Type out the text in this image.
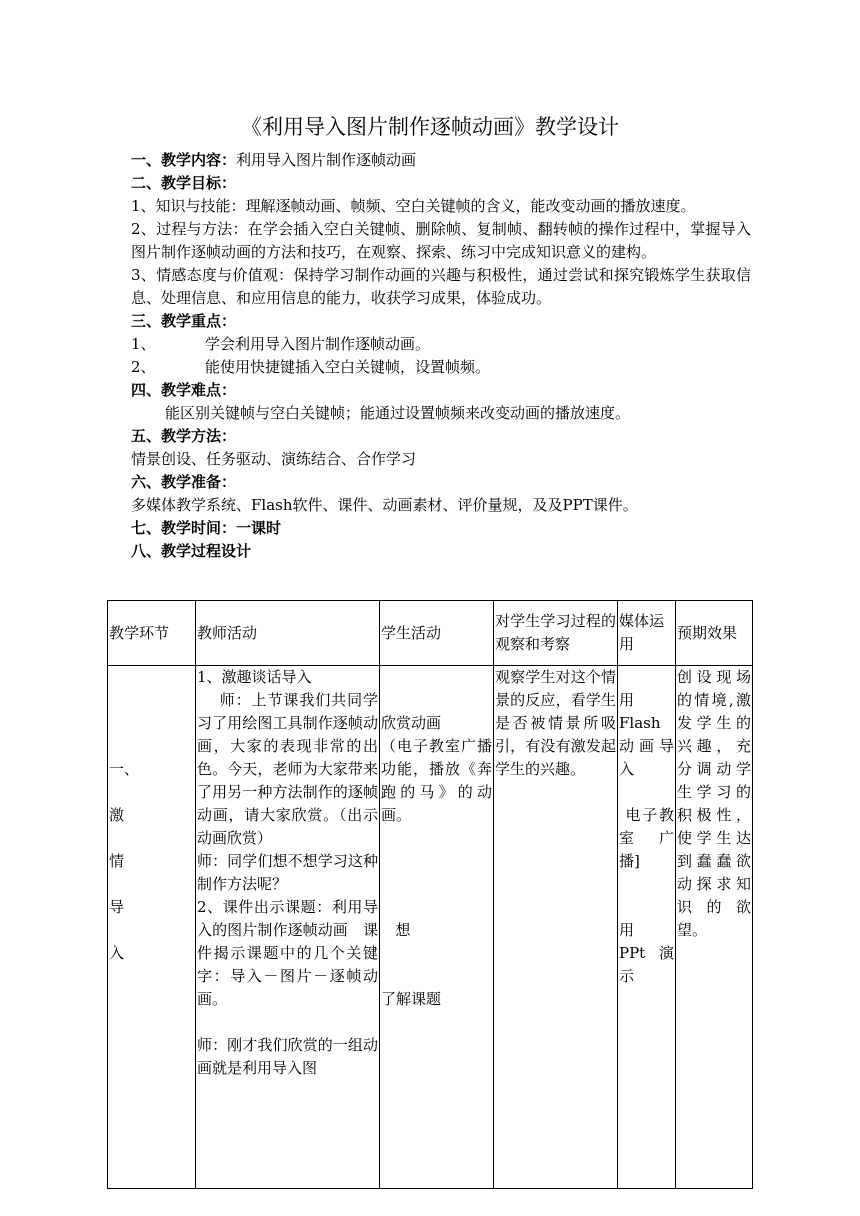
《利用导入图片制作逐帧动画》教学设计

一、教学内容：利用导入图片制作逐帧动画

二、教学目标：

1、知识与技能：理解逐帧动画、帧频、空白关键帧的含义，能改变动画的播放速度。

2、过程与方法：在学会插入空白关键帧、删除帧、复制帧、翻转帧的操作过程中，掌握导入图片制作逐帧动画的方法和技巧，在观察、探索、练习中完成知识意义的建构。

3、情感态度与价值观：保持学习制作动画的兴趣与积极性，通过尝试和探究锻炼学生获取信息、处理信息、和应用信息的能力，收获学习成果，体验成功。

三、教学重点：

1、	学会利用导入图片制作逐帧动画。

2、	能使用快捷键插入空白关键帧，设置帧频。

四、教学难点：

能区别关键帧与空白关键帧；能通过设置帧频来改变动画的播放速度。

五、教学方法：

情景创设、任务驱动、演练结合、合作学习

六、教学准备：

多媒体教学系统、Flash软件、课件、动画素材、评价量规，及及PPT课件。

七、教学时间：一课时

八、教学过程设计

教学环节	教师活动	学生活动	对学生学习过程的观察和考察	媒体运用	预期效果
一、

激

情

导

入	1、激趣谈话导入
师：上节课我们共同学习了用绘图工具制作逐帧动画，大家的表现非常的出色。今天，老师为大家带来了用另一种方法制作的逐帧动画，请大家欣赏。（出示动画欣赏）
师：同学们想不想学习这种制作方法呢？
2、课件出示课题：利用导入的图片制作逐帧动画　课件揭示课题中的几个关键字：导入－图片－逐帧动画。

师：刚才我们欣赏的一组动画就是利用导入图	

欣赏动画
（电子教室广播功能，播放《奔跑的马》的动画。

想

了解课题	观察学生对这个情景的反应，看学生是否被情景所吸引，有没有激发起学生的兴趣。	
用Flash动画导入

电子教室　广播]

用　PPt演示	创设现场的情境,激发学生的兴趣，充分调动学生学习的积极性，使学生达到蠢蠢欲动探求知识的欲望。
